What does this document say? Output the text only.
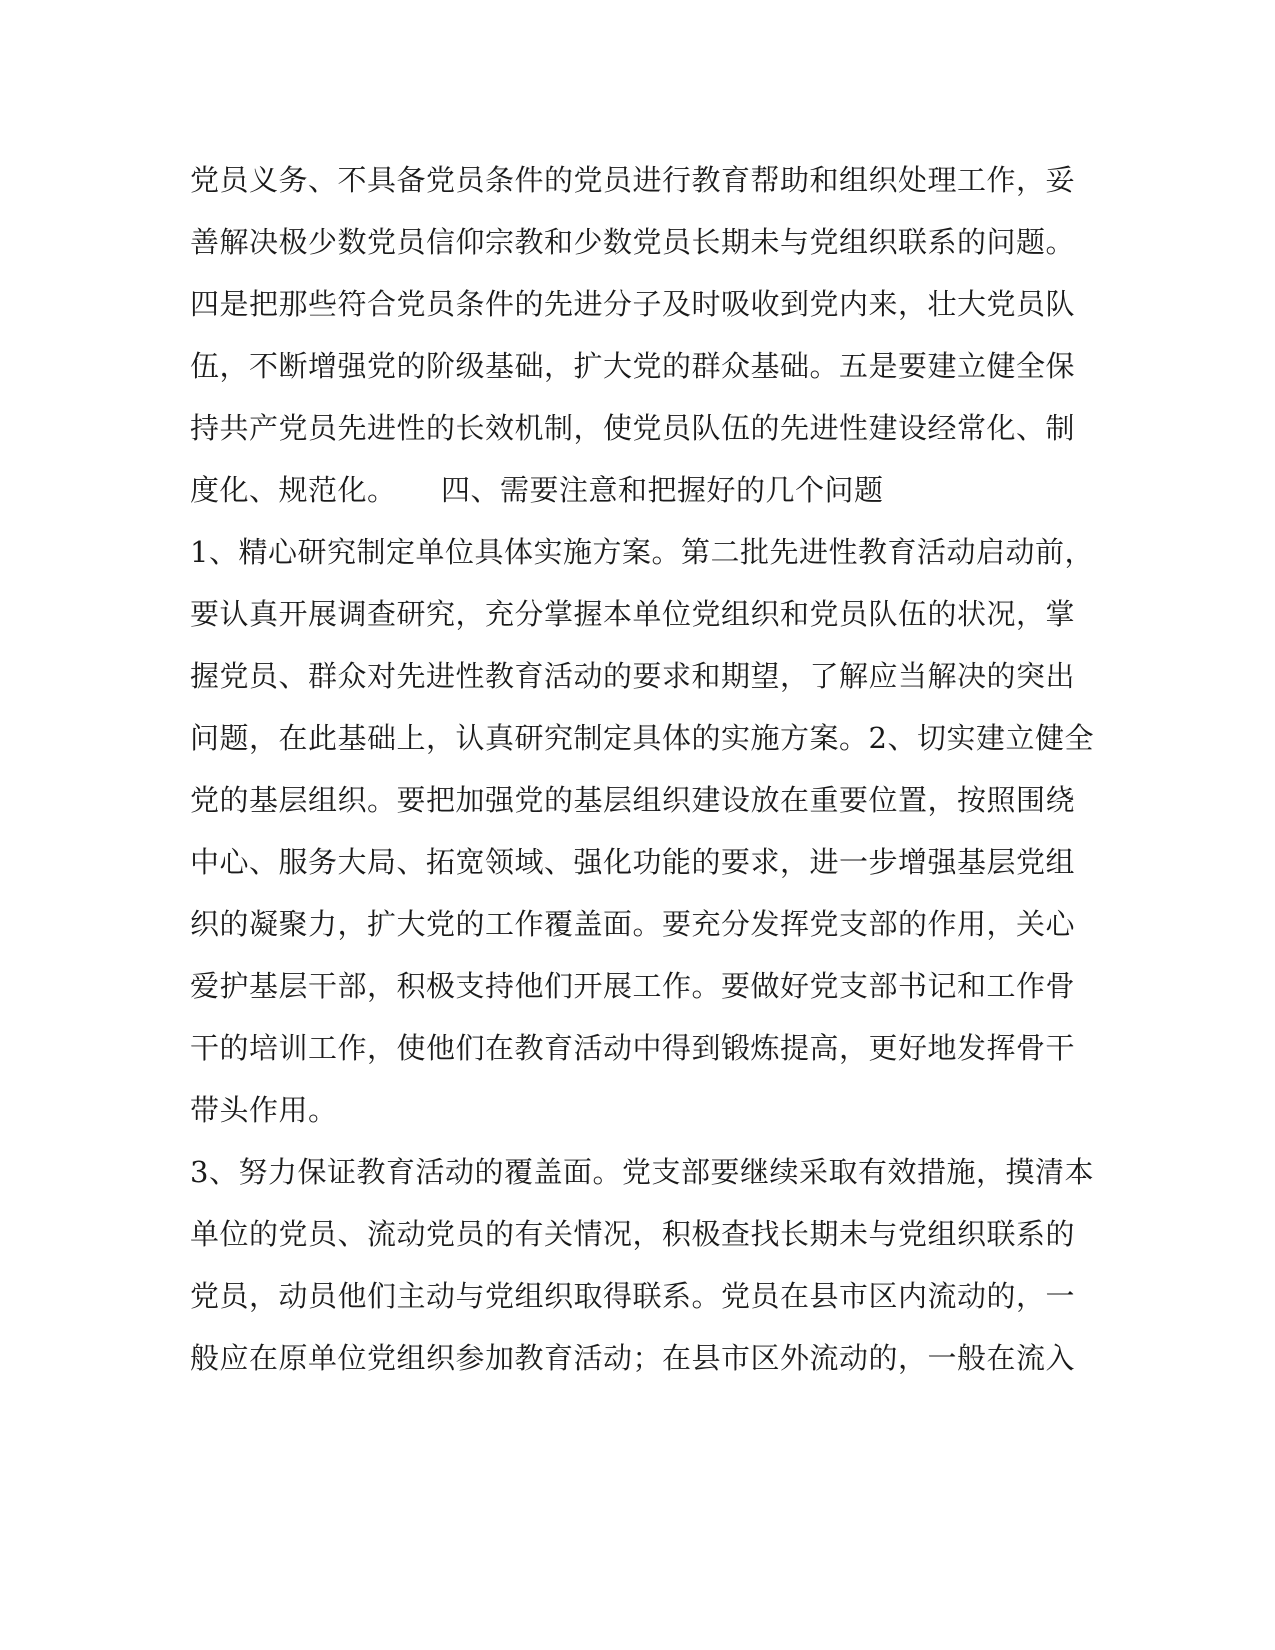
党员义务、不具备党员条件的党员进行教育帮助和组织处理工作，妥
善解决极少数党员信仰宗教和少数党员长期未与党组织联系的问题。
四是把那些符合党员条件的先进分子及时吸收到党内来，壮大党员队
伍，不断增强党的阶级基础，扩大党的群众基础。五是要建立健全保
持共产党员先进性的长效机制，使党员队伍的先进性建设经常化、制
度化、规范化。　　四、需要注意和把握好的几个问题
1、精心研究制定单位具体实施方案。第二批先进性教育活动启动前，
要认真开展调查研究，充分掌握本单位党组织和党员队伍的状况，掌
握党员、群众对先进性教育活动的要求和期望，了解应当解决的突出
问题，在此基础上，认真研究制定具体的实施方案。2、切实建立健全
党的基层组织。要把加强党的基层组织建设放在重要位置，按照围绕
中心、服务大局、拓宽领域、强化功能的要求，进一步增强基层党组
织的凝聚力，扩大党的工作覆盖面。要充分发挥党支部的作用，关心
爱护基层干部，积极支持他们开展工作。要做好党支部书记和工作骨
干的培训工作，使他们在教育活动中得到锻炼提高，更好地发挥骨干
带头作用。
3、努力保证教育活动的覆盖面。党支部要继续采取有效措施，摸清本
单位的党员、流动党员的有关情况，积极查找长期未与党组织联系的
党员，动员他们主动与党组织取得联系。党员在县市区内流动的，一
般应在原单位党组织参加教育活动；在县市区外流动的，一般在流入
